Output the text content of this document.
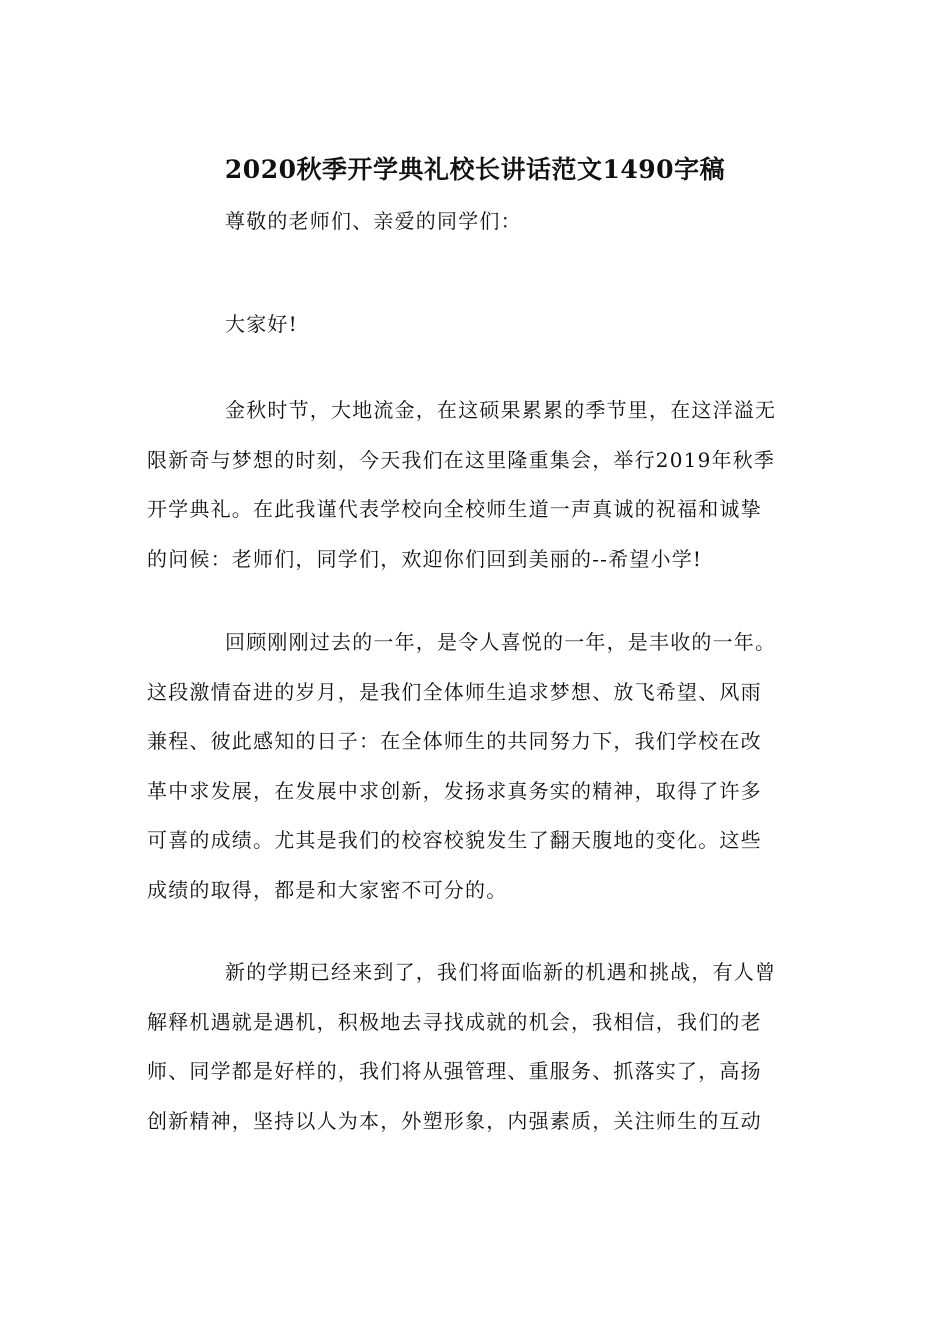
2020秋季开学典礼校长讲话范文1490字稿
尊敬的老师们、亲爱的同学们：
大家好!
金秋时节，大地流金，在这硕果累累的季节里，在这洋溢无
限新奇与梦想的时刻，今天我们在这里隆重集会，举行2019年秋季
开学典礼。在此我谨代表学校向全校师生道一声真诚的祝福和诚挚
的问候：老师们，同学们，欢迎你们回到美丽的--希望小学!
回顾刚刚过去的一年，是令人喜悦的一年，是丰收的一年。
这段激情奋进的岁月，是我们全体师生追求梦想、放飞希望、风雨
兼程、彼此感知的日子：在全体师生的共同努力下，我们学校在改
革中求发展，在发展中求创新，发扬求真务实的精神，取得了许多
可喜的成绩。尤其是我们的校容校貌发生了翻天腹地的变化。这些
成绩的取得，都是和大家密不可分的。
新的学期已经来到了，我们将面临新的机遇和挑战，有人曾
解释机遇就是遇机，积极地去寻找成就的机会，我相信，我们的老
师、同学都是好样的，我们将从强管理、重服务、抓落实了，高扬
创新精神，坚持以人为本，外塑形象，内强素质，关注师生的互动
